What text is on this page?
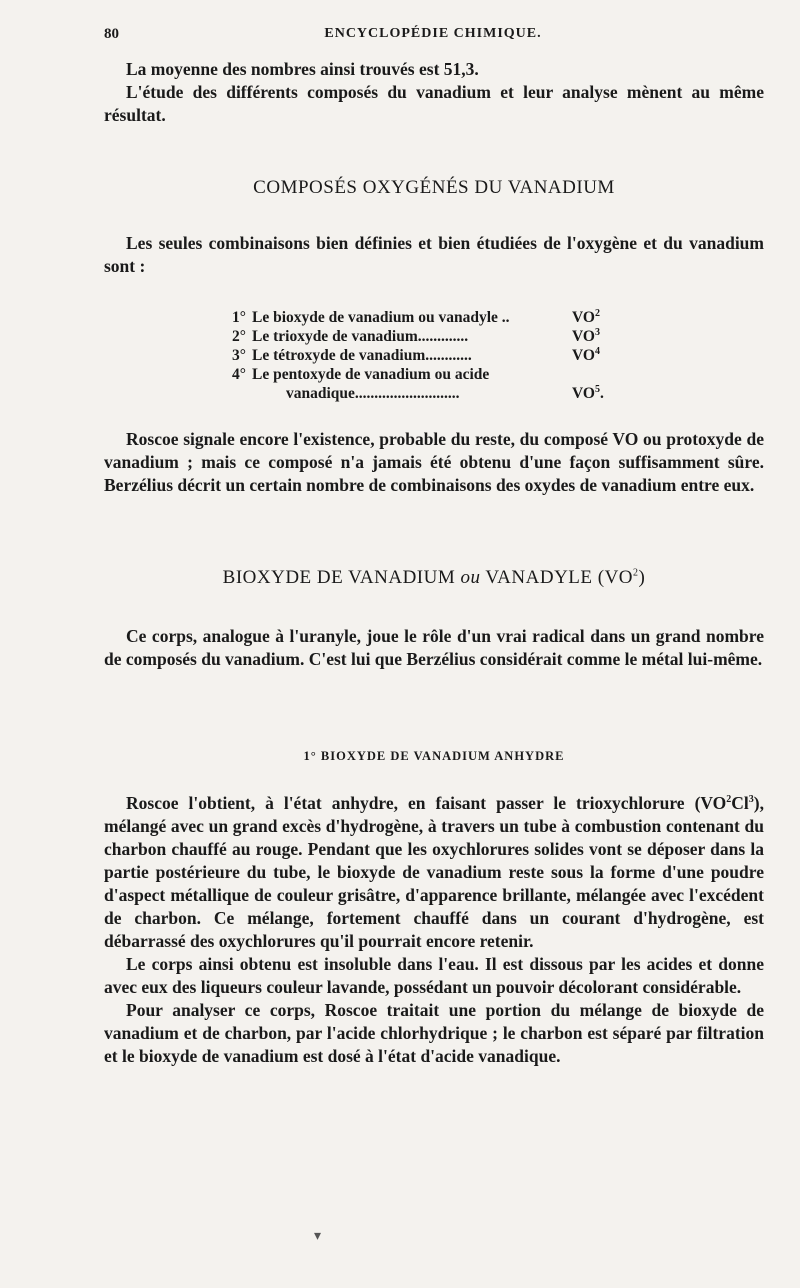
80	ENCYCLOPÉDIE CHIMIQUE.

La moyenne des nombres ainsi trouvés est 51,3.

L'étude des différents composés du vanadium et leur analyse mènent au même résultat.

COMPOSÉS OXYGÉNÉS DU VANADIUM

Les seules combinaisons bien définies et bien étudiées de l'oxygène et du vanadium sont :

1° Le bioxyde de vanadium ou vanadyle ..	$VO^2$
2° Le trioxyde de vanadium.............	$VO^3$
3° Le tétroxyde de vanadium............	$VO^4$
4° Le pentoxyde de vanadium ou acide
vanadique...........................	$VO^5$.

Roscoe signale encore l'existence, probable du reste, du composé VO ou protoxyde de vanadium ; mais ce composé n'a jamais été obtenu d'une façon suffisamment sûre. Berzélius décrit un certain nombre de combinaisons des oxydes de vanadium entre eux.

BIOXYDE DE VANADIUM ou VANADYLE $(VO^2)$

Ce corps, analogue à l'uranyle, joue le rôle d'un vrai radical dans un grand nombre de composés du vanadium. C'est lui que Berzélius considérait comme le métal lui-même.

1° BIOXYDE DE VANADIUM ANHYDRE

Roscoe l'obtient, à l'état anhydre, en faisant passer le trioxychlorure $(VO^2Cl^3)$, mélangé avec un grand excès d'hydrogène, à travers un tube à combustion contenant du charbon chauffé au rouge. Pendant que les oxychlorures solides vont se déposer dans la partie postérieure du tube, le bioxyde de vanadium reste sous la forme d'une poudre d'aspect métallique de couleur grisâtre, d'apparence brillante, mélangée avec l'excédent de charbon. Ce mélange, fortement chauffé dans un courant d'hydrogène, est débarrassé des oxychlorures qu'il pourrait encore retenir.

Le corps ainsi obtenu est insoluble dans l'eau. Il est dissous par les acides et donne avec eux des liqueurs couleur lavande, possédant un pouvoir décolorant considérable.

Pour analyser ce corps, Roscoe traitait une portion du mélange de bioxyde de vanadium et de charbon, par l'acide chlorhydrique ; le charbon est séparé par filtration et le bioxyde de vanadium est dosé à l'état d'acide vanadique.

▾
